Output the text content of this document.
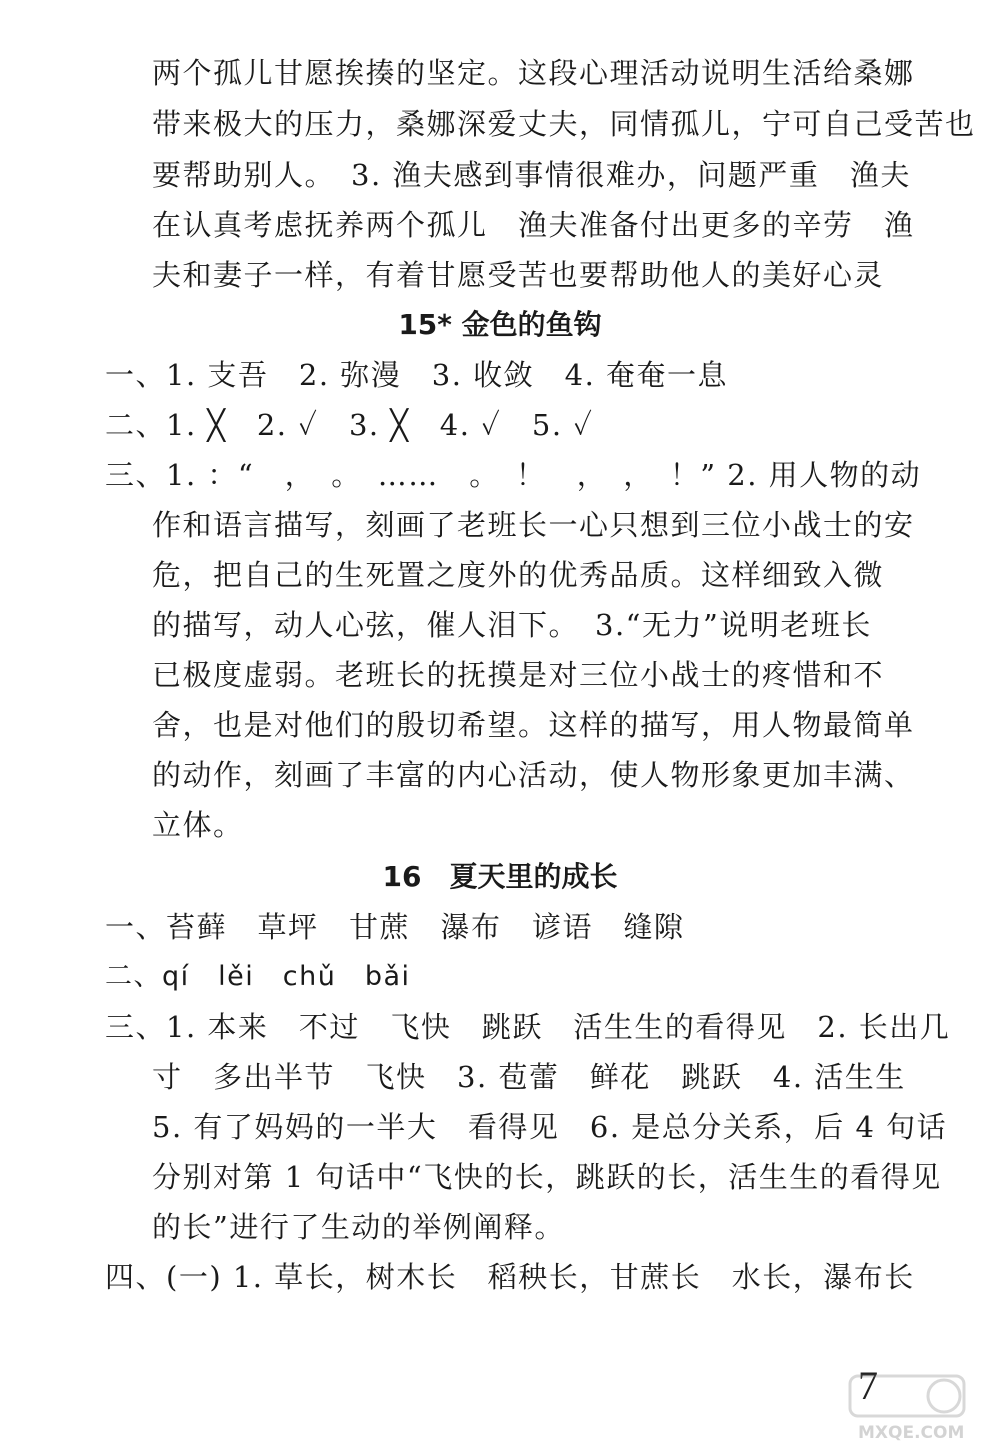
两个孤儿甘愿挨揍的坚定。这段心理活动说明生活给桑娜
带来极大的压力，桑娜深爱丈夫，同情孤儿，宁可自己受苦也
要帮助别人。　3. 渔夫感到事情很难办，问题严重　渔夫
在认真考虑抚养两个孤儿　渔夫准备付出更多的辛劳　渔
夫和妻子一样，有着甘愿受苦也要帮助他人的美好心灵
15* 金色的鱼钩
一、1. 支吾　2. 弥漫　3. 收敛　4. 奄奄一息
二、1. ╳　2. ✓　3. ╳　4. ✓　5. ✓
三、1. ：“　，　。　……　。　！　，　，　！” 2. 用人物的动
作和语言描写，刻画了老班长一心只想到三位小战士的安
危，把自己的生死置之度外的优秀品质。这样细致入微
的描写，动人心弦，催人泪下。　3.“无力”说明老班长
已极度虚弱。老班长的抚摸是对三位小战士的疼惜和不
舍，也是对他们的殷切希望。这样的描写，用人物最简单
的动作，刻画了丰富的内心活动，使人物形象更加丰满、
立体。
16　夏天里的成长
一、苔藓　草坪　甘蔗　瀑布　谚语　缝隙
二、qí　lěi　chǔ　bǎi
三、1. 本来　不过　飞快　跳跃　活生生的看得见　2. 长出几
寸　多出半节　飞快　3. 苞蕾　鲜花　跳跃　4. 活生生
5. 有了妈妈的一半大　看得见　6. 是总分关系，后 4 句话
分别对第 1 句话中“飞快的长，跳跃的长，活生生的看得见
的长”进行了生动的举例阐释。
四、(一) 1. 草长，树木长　稻秧长，甘蔗长　水长，瀑布长
7
MXQE.COM
